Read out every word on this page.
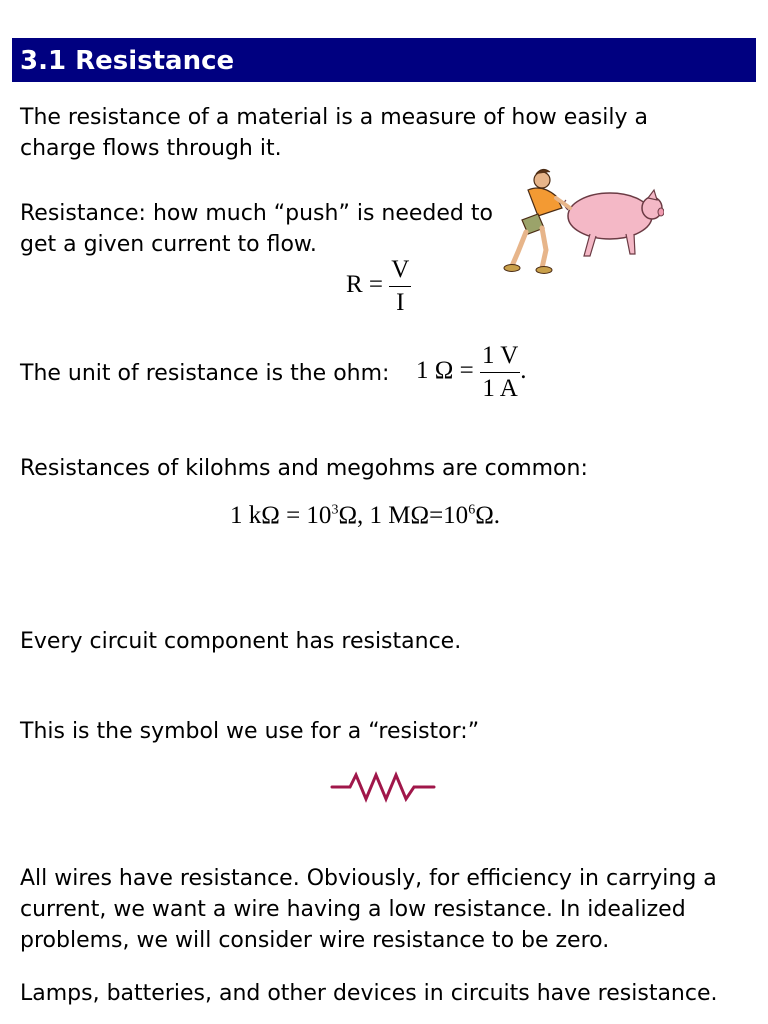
3.1 Resistance
The resistance of a material is a measure of how easily a
charge flows through it.
Resistance: how much “push” is needed to
get a given current to flow.
$R = \frac{V}{I}$
The unit of resistance is the ohm: 1 $\Omega = \frac{1 V}{1 A}$ .
Resistances of kilohms and megohms are common:
1 $k\Omega = 10^3\Omega$, 1 $M\Omega=10^6\Omega$.
Every circuit component has resistance.
This is the symbol we use for a “resistor:”
All wires have resistance. Obviously, for efficiency in carrying a
current, we want a wire having a low resistance. In idealized
problems, we will consider wire resistance to be zero.
Lamps, batteries, and other devices in circuits have resistance.
